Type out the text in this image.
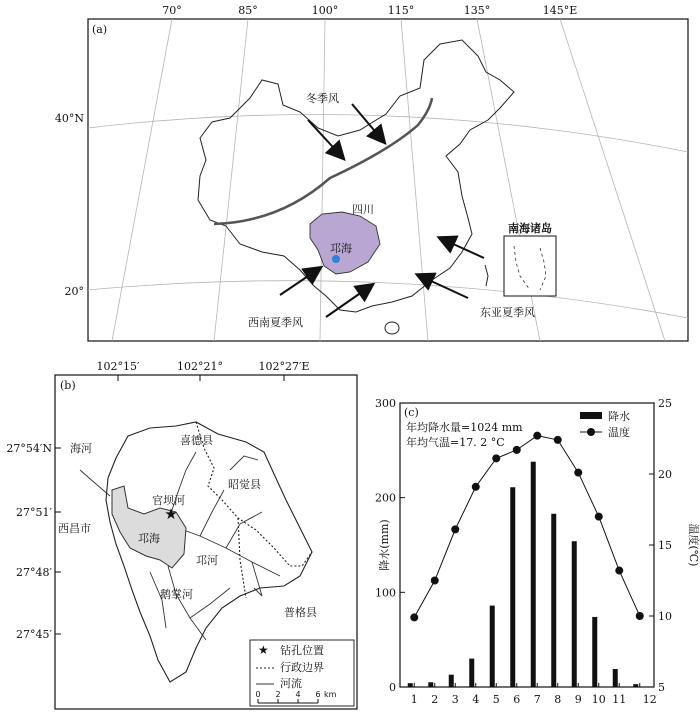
(a)
70°	85°	100°	115°	135°	145°E
40°N
20°
四川
邛海
冬季风
西南夏季风
东亚夏季风
南海诸岛
(b)
102°15′	102°21°	102°27′E
27°54′N
27°51′
27°48′
27°45′
★
海河
喜德县
昭觉县
官坝河
西昌市
邛海
邛河
鹅掌河
普格县
★ 钻孔位置
行政边界
河流
0 2 4 6 km
(c)
年均降水量=1024 mm
年均气温=17. 2 °C
降水
温度
降水(mm)	温度(℃)
0
100
200
300
5
10
15
20
25
1 2 3 4 5 6 7 8 9 10 11 12
